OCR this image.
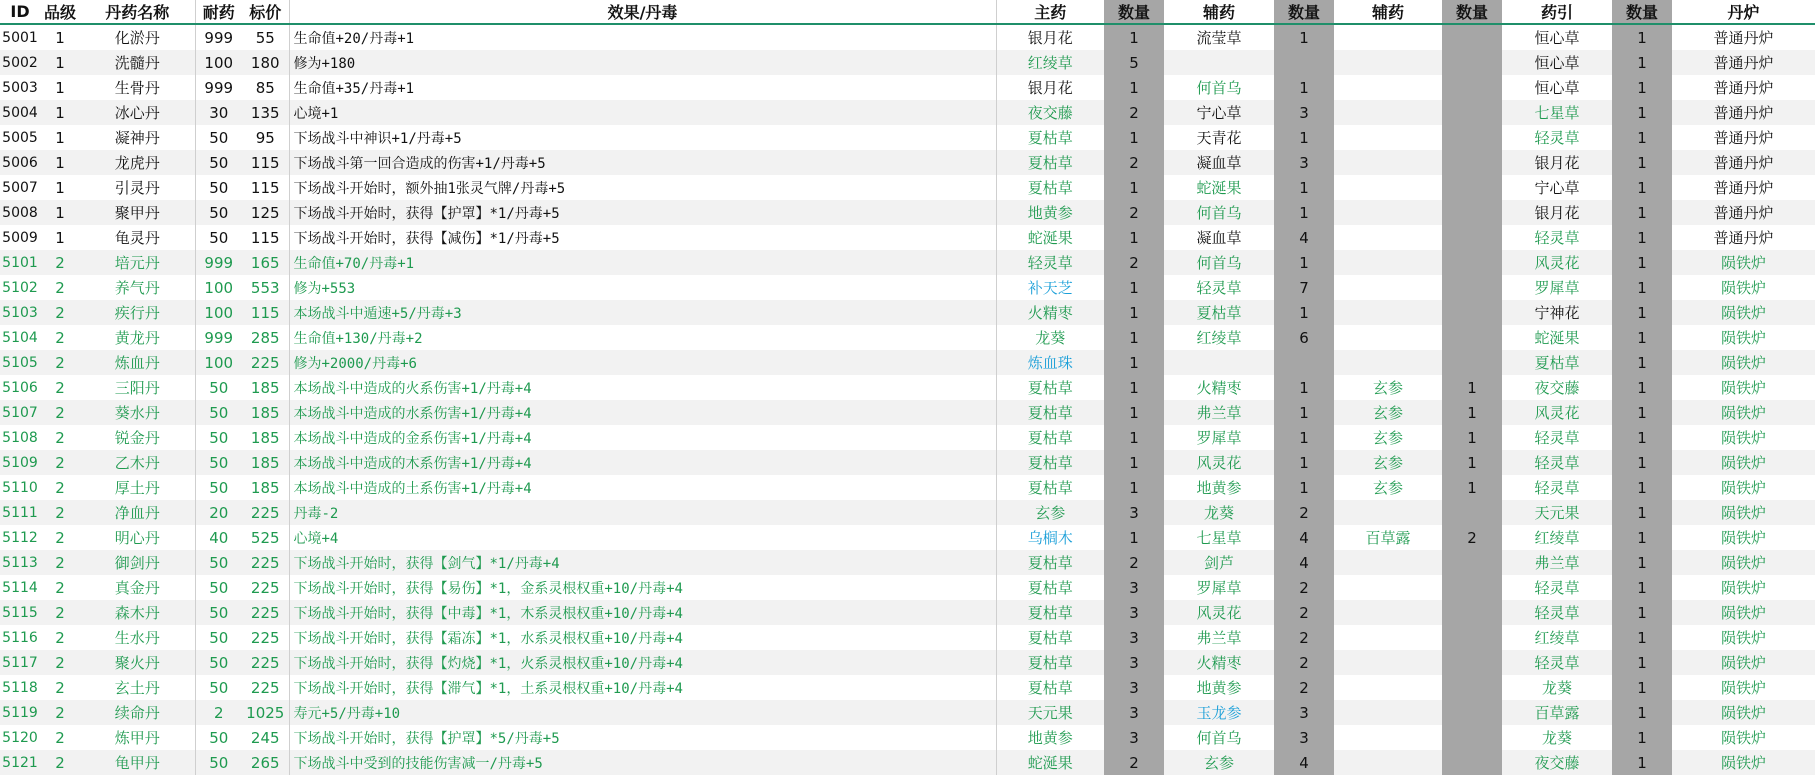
ID	品级	丹药名称	耐药	标价	效果/丹毒	主药	数量	辅药	数量	辅药	数量	药引	数量	丹炉
5001	1	化淤丹	999	55	生命值+20/丹毒+1	银月花	1	流莹草	1			恒心草	1	普通丹炉
5002	1	洗髓丹	100	180	修为+180	红绫草	5					恒心草	1	普通丹炉
5003	1	生骨丹	999	85	生命值+35/丹毒+1	银月花	1	何首乌	1			恒心草	1	普通丹炉
5004	1	冰心丹	30	135	心境+1	夜交藤	2	宁心草	3			七星草	1	普通丹炉
5005	1	凝神丹	50	95	下场战斗中神识+1/丹毒+5	夏枯草	1	天青花	1			轻灵草	1	普通丹炉
5006	1	龙虎丹	50	115	下场战斗第一回合造成的伤害+1/丹毒+5	夏枯草	2	凝血草	3			银月花	1	普通丹炉
5007	1	引灵丹	50	115	下场战斗开始时，额外抽1张灵气牌/丹毒+5	夏枯草	1	蛇涎果	1			宁心草	1	普通丹炉
5008	1	聚甲丹	50	125	下场战斗开始时，获得【护罩】*1/丹毒+5	地黄参	2	何首乌	1			银月花	1	普通丹炉
5009	1	龟灵丹	50	115	下场战斗开始时，获得【减伤】*1/丹毒+5	蛇涎果	1	凝血草	4			轻灵草	1	普通丹炉
5101	2	培元丹	999	165	生命值+70/丹毒+1	轻灵草	2	何首乌	1			风灵花	1	陨铁炉
5102	2	养气丹	100	553	修为+553	补天芝	1	轻灵草	7			罗犀草	1	陨铁炉
5103	2	疾行丹	100	115	本场战斗中遁速+5/丹毒+3	火精枣	1	夏枯草	1			宁神花	1	陨铁炉
5104	2	黄龙丹	999	285	生命值+130/丹毒+2	龙葵	1	红绫草	6			蛇涎果	1	陨铁炉
5105	2	炼血丹	100	225	修为+2000/丹毒+6	炼血珠	1					夏枯草	1	陨铁炉
5106	2	三阳丹	50	185	本场战斗中造成的火系伤害+1/丹毒+4	夏枯草	1	火精枣	1	玄参	1	夜交藤	1	陨铁炉
5107	2	葵水丹	50	185	本场战斗中造成的水系伤害+1/丹毒+4	夏枯草	1	弗兰草	1	玄参	1	风灵花	1	陨铁炉
5108	2	锐金丹	50	185	本场战斗中造成的金系伤害+1/丹毒+4	夏枯草	1	罗犀草	1	玄参	1	轻灵草	1	陨铁炉
5109	2	乙木丹	50	185	本场战斗中造成的木系伤害+1/丹毒+4	夏枯草	1	风灵花	1	玄参	1	轻灵草	1	陨铁炉
5110	2	厚土丹	50	185	本场战斗中造成的土系伤害+1/丹毒+4	夏枯草	1	地黄参	1	玄参	1	轻灵草	1	陨铁炉
5111	2	净血丹	20	225	丹毒-2	玄参	3	龙葵	2			天元果	1	陨铁炉
5112	2	明心丹	40	525	心境+4	乌榈木	1	七星草	4	百草露	2	红绫草	1	陨铁炉
5113	2	御剑丹	50	225	下场战斗开始时，获得【剑气】*1/丹毒+4	夏枯草	2	剑芦	4			弗兰草	1	陨铁炉
5114	2	真金丹	50	225	下场战斗开始时，获得【易伤】*1，金系灵根权重+10/丹毒+4	夏枯草	3	罗犀草	2			轻灵草	1	陨铁炉
5115	2	森木丹	50	225	下场战斗开始时，获得【中毒】*1，木系灵根权重+10/丹毒+4	夏枯草	3	风灵花	2			轻灵草	1	陨铁炉
5116	2	生水丹	50	225	下场战斗开始时，获得【霜冻】*1，水系灵根权重+10/丹毒+4	夏枯草	3	弗兰草	2			红绫草	1	陨铁炉
5117	2	聚火丹	50	225	下场战斗开始时，获得【灼烧】*1，火系灵根权重+10/丹毒+4	夏枯草	3	火精枣	2			轻灵草	1	陨铁炉
5118	2	玄土丹	50	225	下场战斗开始时，获得【滞气】*1，土系灵根权重+10/丹毒+4	夏枯草	3	地黄参	2			龙葵	1	陨铁炉
5119	2	续命丹	2	1025	寿元+5/丹毒+10	天元果	3	玉龙参	3			百草露	1	陨铁炉
5120	2	炼甲丹	50	245	下场战斗开始时，获得【护罩】*5/丹毒+5	地黄参	3	何首乌	3			龙葵	1	陨铁炉
5121	2	龟甲丹	50	265	下场战斗中受到的技能伤害减一/丹毒+5	蛇涎果	2	玄参	4			夜交藤	1	陨铁炉
